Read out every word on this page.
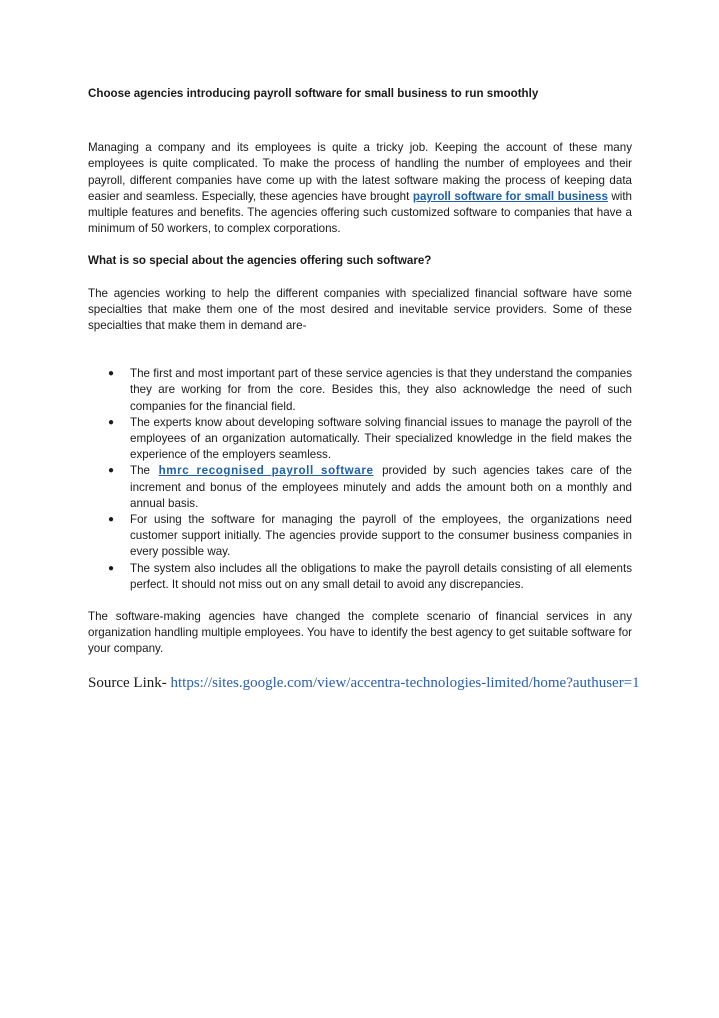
Choose agencies introducing payroll software for small business to run smoothly

Managing a company and its employees is quite a tricky job. Keeping the account of these many employees is quite complicated. To make the process of handling the number of employees and their payroll, different companies have come up with the latest software making the process of keeping data easier and seamless. Especially, these agencies have brought payroll software for small business with multiple features and benefits. The agencies offering such customized software to companies that have a minimum of 50 workers, to complex corporations.

What is so special about the agencies offering such software?

The agencies working to help the different companies with specialized financial software have some specialties that make them one of the most desired and inevitable service providers. Some of these specialties that make them in demand are-

● The first and most important part of these service agencies is that they understand the companies they are working for from the core. Besides this, they also acknowledge the need of such companies for the financial field.
● The experts know about developing software solving financial issues to manage the payroll of the employees of an organization automatically. Their specialized knowledge in the field makes the experience of the employers seamless.
● The hmrc recognised payroll software provided by such agencies takes care of the increment and bonus of the employees minutely and adds the amount both on a monthly and annual basis.
● For using the software for managing the payroll of the employees, the organizations need customer support initially. The agencies provide support to the consumer business companies in every possible way.
● The system also includes all the obligations to make the payroll details consisting of all elements perfect. It should not miss out on any small detail to avoid any discrepancies.

The software-making agencies have changed the complete scenario of financial services in any organization handling multiple employees. You have to identify the best agency to get suitable software for your company.

Source Link- https://sites.google.com/view/accentra-technologies-limited/home?authuser=1
